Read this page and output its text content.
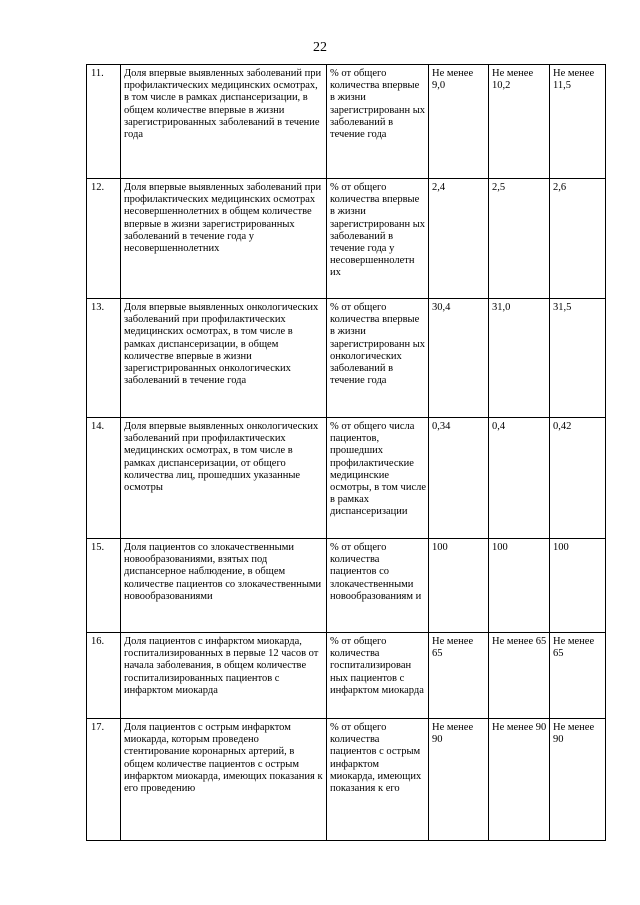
22
11.	Доля впервые выявленных заболеваний при профилактических медицинских осмотрах, в том числе в рамках диспансеризации, в общем количестве впервые в жизни зарегистрированных заболеваний в течение года	% от общего количества впервые в жизни зарегистрированн ых заболеваний в течение года	Не менее 9,0	Не менее 10,2	Не менее 11,5
12.	Доля впервые выявленных заболеваний при профилактических медицинских осмотрах несовершеннолетних в общем количестве впервые в жизни зарегистрированных заболеваний в течение года у несовершеннолетних	% от общего количества впервые в жизни зарегистрированн ых заболеваний в течение года у несовершеннолетн их	2,4	2,5	2,6
13.	Доля впервые выявленных онкологических заболеваний при профилактических медицинских осмотрах, в том числе в рамках диспансеризации, в общем количестве впервые в жизни зарегистрированных онкологических заболеваний в течение года	% от общего количества впервые в жизни зарегистрированн ых онкологических заболеваний в течение года	30,4	31,0	31,5
14.	Доля впервые выявленных онкологических заболеваний при профилактических медицинских осмотрах, в том числе в рамках диспансеризации, от общего количества лиц, прошедших указанные осмотры	% от общего числа пациентов, прошедших профилактические медицинские осмотры, в том числе в рамках диспансеризации	0,34	0,4	0,42
15.	Доля пациентов со злокачественными новообразованиями, взятых под диспансерное наблюдение, в общем количестве пациентов со злокачественными новообразованиями	% от общего количества пациентов со злокачественными новообразованиям и	100	100	100
16.	Доля пациентов с инфарктом миокарда, госпитализированных в первые 12 часов от начала заболевания, в общем количестве госпитализированных пациентов с инфарктом миокарда	% от общего количества госпитализирован ных пациентов с инфарктом миокарда	Не менее 65	Не менее 65	Не менее 65
17.	Доля пациентов с острым инфарктом миокарда, которым проведено стентирование коронарных артерий, в общем количестве пациентов с острым инфарктом миокарда, имеющих показания к его проведению	% от общего количества пациентов с острым инфарктом миокарда, имеющих показания к его	Не менее 90	Не менее 90	Не менее 90
